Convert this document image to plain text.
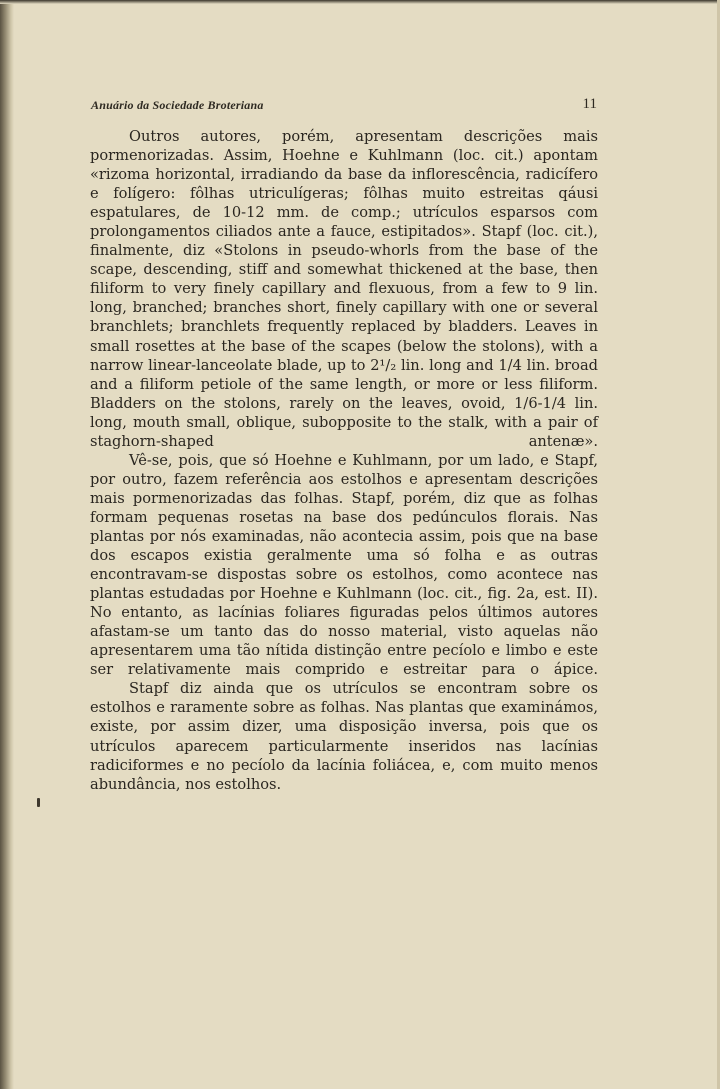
Anuário da Sociedade Broteriana	11

Outros autores, porém, apresentam descrições mais pormenorizadas. Assim, Hoehne e Kuhlmann (loc. cit.) apontam «rizoma horizontal, irradiando da base da inflorescência, radicífero e folígero: fôlhas utriculígeras; fôlhas muito estreitas qáusi espatulares, de 10-12 mm. de comp.; utrículos esparsos com prolongamentos ciliados ante a fauce, estipitados». Stapf (loc. cit.), finalmente, diz «Stolons in pseudo-whorls from the base of the scape, descending, stiff and somewhat thickened at the base, then filiform to very finely capillary and flexuous, from a few to 9 lin. long, branched; branches short, finely capillary with one or several branchlets; branchlets frequently replaced by bladders. Leaves in small rosettes at the base of the scapes (below the stolons), with a narrow linear-lanceolate blade, up to 2¹/₂ lin. long and 1/4 lin. broad and a filiform petiole of the same length, or more or less filiform. Bladders on the stolons, rarely on the leaves, ovoid, 1/6-1/4 lin. long, mouth small, oblique, subopposite to the stalk, with a pair of staghorn-shaped antenæ».

Vê-se, pois, que só Hoehne e Kuhlmann, por um lado, e Stapf, por outro, fazem referência aos estolhos e apresentam descrições mais pormenorizadas das folhas. Stapf, porém, diz que as folhas formam pequenas rosetas na base dos pedúnculos florais. Nas plantas por nós examinadas, não acontecia assim, pois que na base dos escapos existia geralmente uma só folha e as outras encontravam-se dispostas sobre os estolhos, como acontece nas plantas estudadas por Hoehne e Kuhlmann (loc. cit., fig. 2a, est. II). No entanto, as lacínias foliares figuradas pelos últimos autores afastam-se um tanto das do nosso material, visto aquelas não apresentarem uma tão nítida distinção entre pecíolo e limbo e este ser relativamente mais comprido e estreitar para o ápice.

Stapf diz ainda que os utrículos se encontram sobre os estolhos e raramente sobre as folhas. Nas plantas que examinámos, existe, por assim dizer, uma disposição inversa, pois que os utrículos aparecem particularmente inseridos nas lacínias radiciformes e no pecíolo da lacínia foliácea, e, com muito menos abundância, nos estolhos.
